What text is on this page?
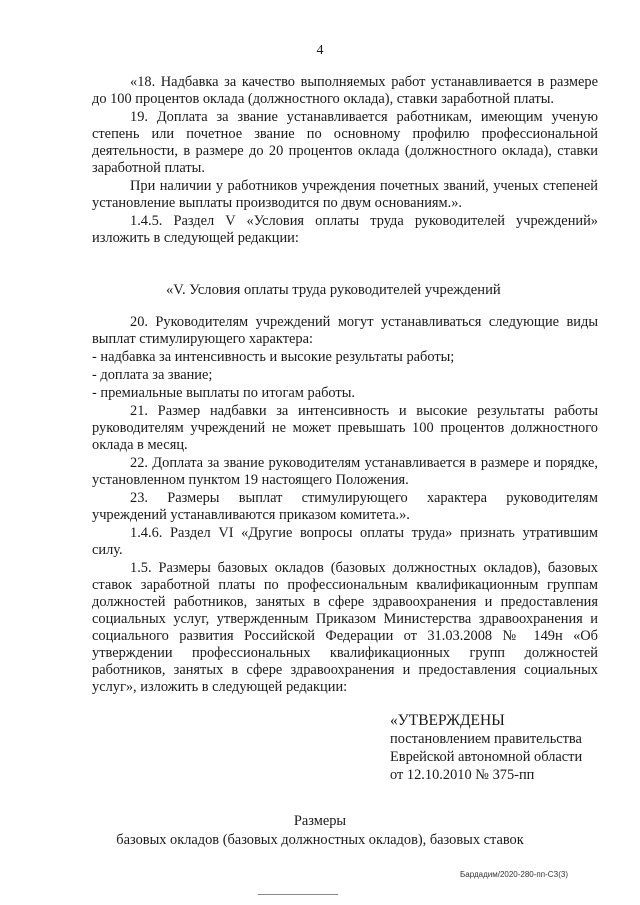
4

«18. Надбавка за качество выполняемых работ устанавливается в размере до 100 процентов оклада (должностного оклада), ставки заработной платы.

19. Доплата за звание устанавливается работникам, имеющим ученую степень или почетное звание по основному профилю профессиональной деятельности, в размере до 20 процентов оклада (должностного оклада), ставки заработной платы.

При наличии у работников учреждения почетных званий, ученых степеней установление выплаты производится по двум основаниям.».

1.4.5. Раздел V «Условия оплаты труда руководителей учреждений» изложить в следующей редакции:

«V. Условия оплаты труда руководителей учреждений

20. Руководителям учреждений могут устанавливаться следующие виды выплат стимулирующего характера:

- надбавка за интенсивность и высокие результаты работы;

- доплата за звание;

- премиальные выплаты по итогам работы.

21. Размер надбавки за интенсивность и высокие результаты работы руководителям учреждений не может превышать 100 процентов должностного оклада в месяц.

22. Доплата за звание руководителям устанавливается в размере и порядке, установленном пунктом 19 настоящего Положения.

23. Размеры выплат стимулирующего характера руководителям учреждений устанавливаются приказом комитета.».

1.4.6. Раздел VI «Другие вопросы оплаты труда» признать утратившим силу.

1.5. Размеры базовых окладов (базовых должностных окладов), базовых ставок заработной платы по профессиональным квалификационным группам должностей работников, занятых в сфере здравоохранения и предоставления социальных услуг, утвержденным Приказом Министерства здравоохранения и социального развития Российской Федерации от 31.03.2008 № 149н «Об утверждении профессиональных квалификационных групп должностей работников, занятых в сфере здравоохранения и предоставления социальных услуг», изложить в следующей редакции:

«УТВЕРЖДЕНЫ
постановлением правительства
Еврейской автономной области
от 12.10.2010 № 375-пп
Размеры
базовых окладов (базовых должностных окладов), базовых ставок
Бардадим/2020-280-пп-СЗ(3)
